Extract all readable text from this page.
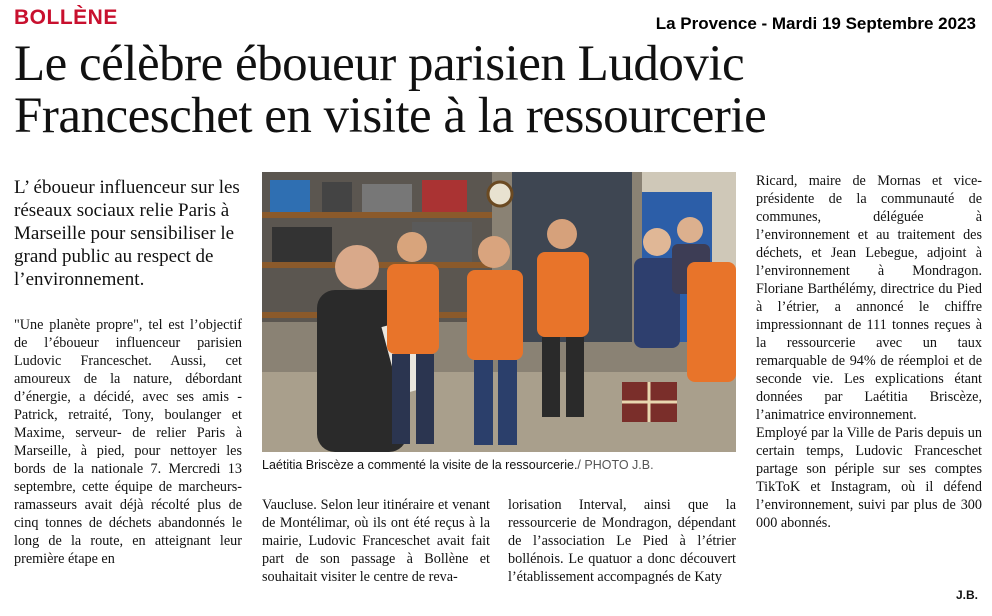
BOLLÈNE	La Provence - Mardi 19 Septembre 2023
Le célèbre éboueur parisien Ludovic Franceschet en visite à la ressourcerie

L’ éboueur influenceur sur les réseaux sociaux relie Paris à Marseille pour sensibiliser le grand public au respect de l’environnement.

"Une planète propre", tel est l’objectif de l’éboueur influenceur parisien Ludovic Franceschet. Aussi, cet amoureux de la nature, débordant d’énergie, a décidé, avec ses amis - Patrick, retraité, Tony, boulanger et Maxime, serveur- de relier Paris à Marseille, à pied, pour nettoyer les bords de la nationale 7. Mercredi 13 septembre, cette équipe de marcheurs-ramasseurs avait déjà récolté plus de cinq tonnes de déchets abandonnés le long de la route, en atteignant leur première étape en

Laétitia Briscèze a commenté la visite de la ressourcerie./ PHOTO J.B.

Vaucluse. Selon leur itinéraire et venant de Montélimar, où ils ont été reçus à la mairie, Ludovic Franceschet avait fait part de son passage à Bollène et souhaitait visiter le centre de reva-

lorisation Interval, ainsi que la ressourcerie de Mondragon, dépendant de l’association Le Pied à l’étrier bollénois. Le quatuor a donc découvert l’établissement accompagnés de Katy

Ricard, maire de Mornas et vice-présidente de la communauté de communes, déléguée à l’environnement et au traitement des déchets, et Jean Lebegue, adjoint à l’environnement à Mondragon. Floriane Barthélémy, directrice du Pied à l’étrier, a annoncé le chiffre impressionnant de 111 tonnes reçues à la ressourcerie avec un taux remarquable de 94% de réemploi et de seconde vie. Les explications étant données par Laétitia Briscèze, l’animatrice environnement.

Employé par la Ville de Paris depuis un certain temps, Ludovic Franceschet partage son périple sur ses comptes TikToK et Instagram, où il défend l’environnement, suivi par plus de 300 000 abonnés.

J.B.
